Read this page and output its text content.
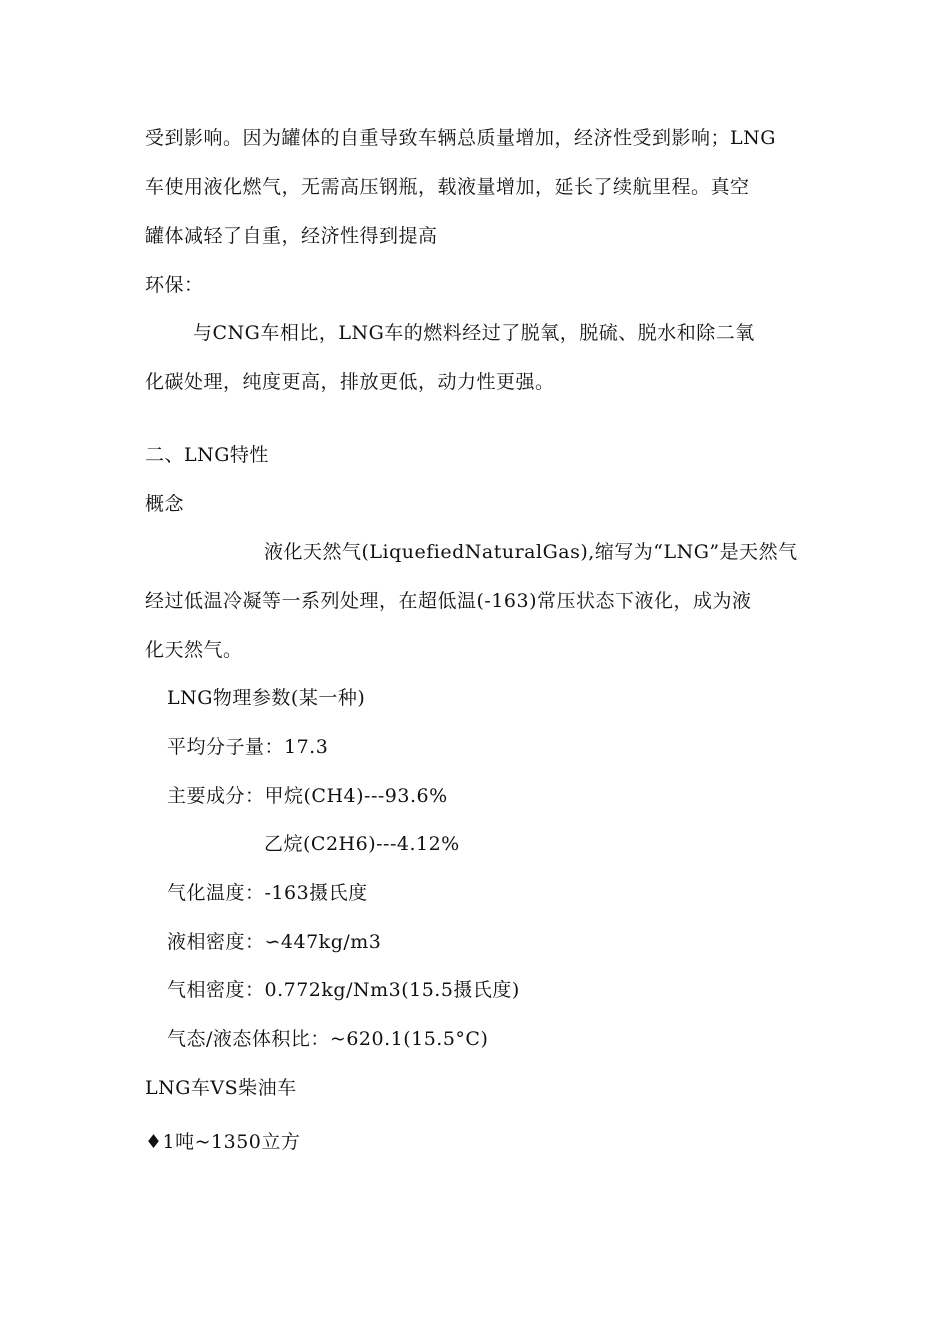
受到影响。因为罐体的自重导致车辆总质量增加，经济性受到影响；LNG
车使用液化燃气，无需高压钢瓶，载液量增加，延长了续航里程。真空
罐体减轻了自重，经济性得到提高
环保：
与CNG车相比，LNG车的燃料经过了脱氧，脱硫、脱水和除二氧
化碳处理，纯度更高，排放更低，动力性更强。
二、LNG特性
概念
液化天然气(LiquefiedNaturalGas),缩写为“LNG”是天然气
经过低温冷凝等一系列处理，在超低温(-163)常压状态下液化，成为液
化天然气。
LNG物理参数(某一种)
平均分子量：17.3
主要成分：甲烷(CH4)---93.6%
乙烷(C2H6)---4.12%
气化温度：-163摄氏度
液相密度：∽447kg/m3
气相密度：0.772kg/Nm3(15.5摄氏度)
气态/液态体积比：~620.1(15.5°C)
LNG车VS柴油车
♦1吨~1350立方
